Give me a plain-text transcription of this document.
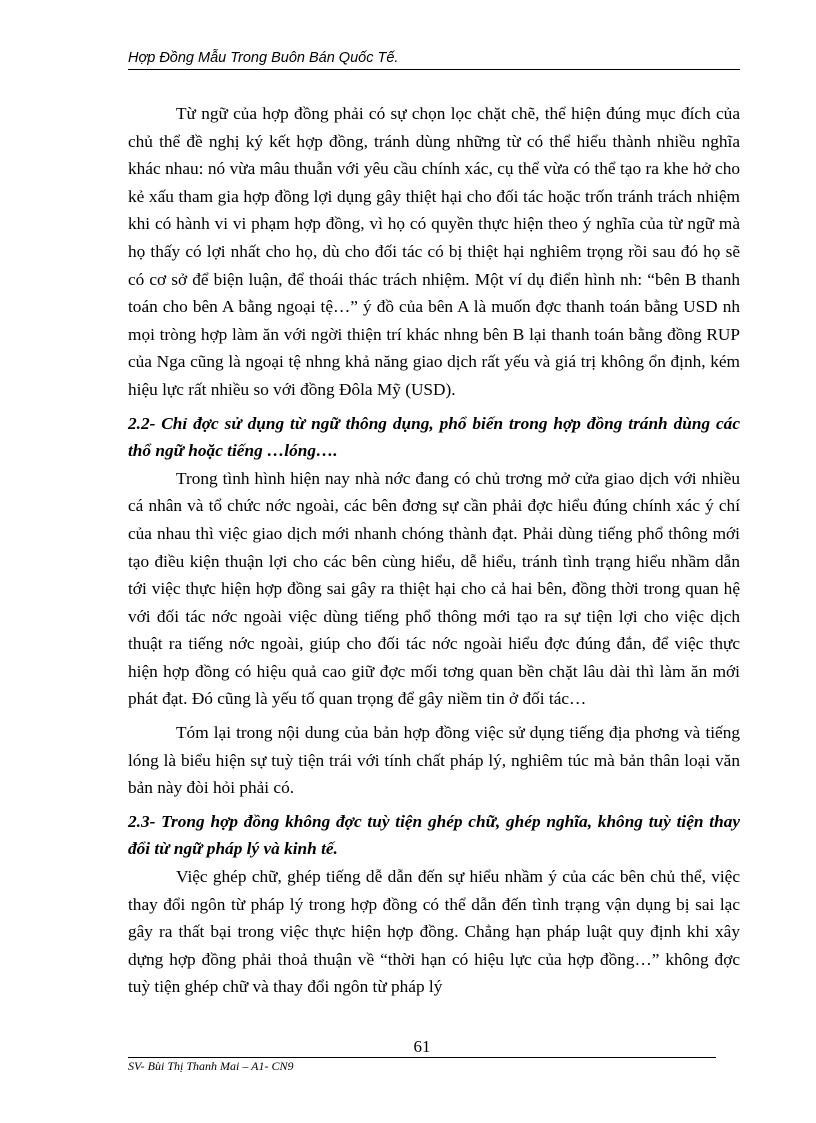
Hợp Đồng Mẫu Trong Buôn Bán Quốc Tế.

Từ ngữ của hợp đồng phải có sự chọn lọc chặt chẽ, thể hiện đúng mục đích của chủ thể đề nghị ký kết hợp đồng, tránh dùng những từ có thể hiểu thành nhiều nghĩa khác nhau: nó vừa mâu thuẫn với yêu cầu chính xác, cụ thể vừa có thể tạo ra khe hở cho kẻ xấu tham gia hợp đồng lợi dụng gây thiệt hại cho đối tác hoặc trốn tránh trách nhiệm khi có hành vi vi phạm hợp đồng, vì họ có quyền thực hiện theo ý nghĩa của từ ngữ mà họ thấy có lợi nhất cho họ, dù cho đối tác có bị thiệt hại nghiêm trọng rồi sau đó họ sẽ có cơ sở để biện luận, để thoái thác trách nhiệm. Một ví dụ điển hình nh: “bên B thanh toán cho bên A bằng ngoại tệ…” ý đồ của bên A là muốn đợc thanh toán bằng USD nh mọi tròng hợp làm ăn với ngời thiện trí khác nhng bên B lại thanh toán bằng đồng RUP của Nga cũng là ngoại tệ nhng khả năng giao dịch rất yếu và giá trị không ổn định, kém hiệu lực rất nhiều so với đồng Đôla Mỹ (USD).

2.2- Chỉ đợc sử dụng từ ngữ thông dụng, phổ biến trong hợp đồng tránh dùng các thổ ngữ hoặc tiếng …lóng….

Trong tình hình hiện nay nhà nớc đang có chủ trơng mở cửa giao dịch với nhiều cá nhân và tổ chức nớc ngoài, các bên đơng sự cần phải đợc hiểu đúng chính xác ý chí của nhau thì việc giao dịch mới nhanh chóng thành đạt. Phải dùng tiếng phổ thông mới tạo điều kiện thuận lợi cho các bên cùng hiểu, dễ hiểu, tránh tình trạng hiểu nhầm dẫn tới việc thực hiện hợp đồng sai gây ra thiệt hại cho cả hai bên, đồng thời trong quan hệ với đối tác nớc ngoài việc dùng tiếng phổ thông mới tạo ra sự tiện lợi cho việc dịch thuật ra tiếng nớc ngoài, giúp cho đối tác nớc ngoài hiểu đợc đúng đắn, để việc thực hiện hợp đồng có hiệu quả cao giữ đợc mối tơng quan bền chặt lâu dài thì làm ăn mới phát đạt. Đó cũng là yếu tố quan trọng để gây niềm tin ở đối tác…

Tóm lại trong nội dung của bản hợp đồng việc sử dụng tiếng địa phơng và tiếng lóng là biểu hiện sự tuỳ tiện trái với tính chất pháp lý, nghiêm túc mà bản thân loại văn bản này đòi hỏi phải có.

2.3- Trong hợp đồng không đợc tuỳ tiện ghép chữ, ghép nghĩa, không tuỳ tiện thay đổi từ ngữ pháp lý và kinh tế.

Việc ghép chữ, ghép tiếng dễ dẫn đến sự hiểu nhầm ý của các bên chủ thể, việc thay đổi ngôn từ pháp lý trong hợp đồng có thể dẫn đến tình trạng vận dụng bị sai lạc gây ra thất bại trong việc thực hiện hợp đồng. Chẳng hạn pháp luật quy định khi xây dựng hợp đồng phải thoả thuận về “thời hạn có hiệu lực của hợp đồng…” không đợc tuỳ tiện ghép chữ và thay đổi ngôn từ pháp lý

61
SV- Bùi Thị Thanh Mai – A1- CN9
